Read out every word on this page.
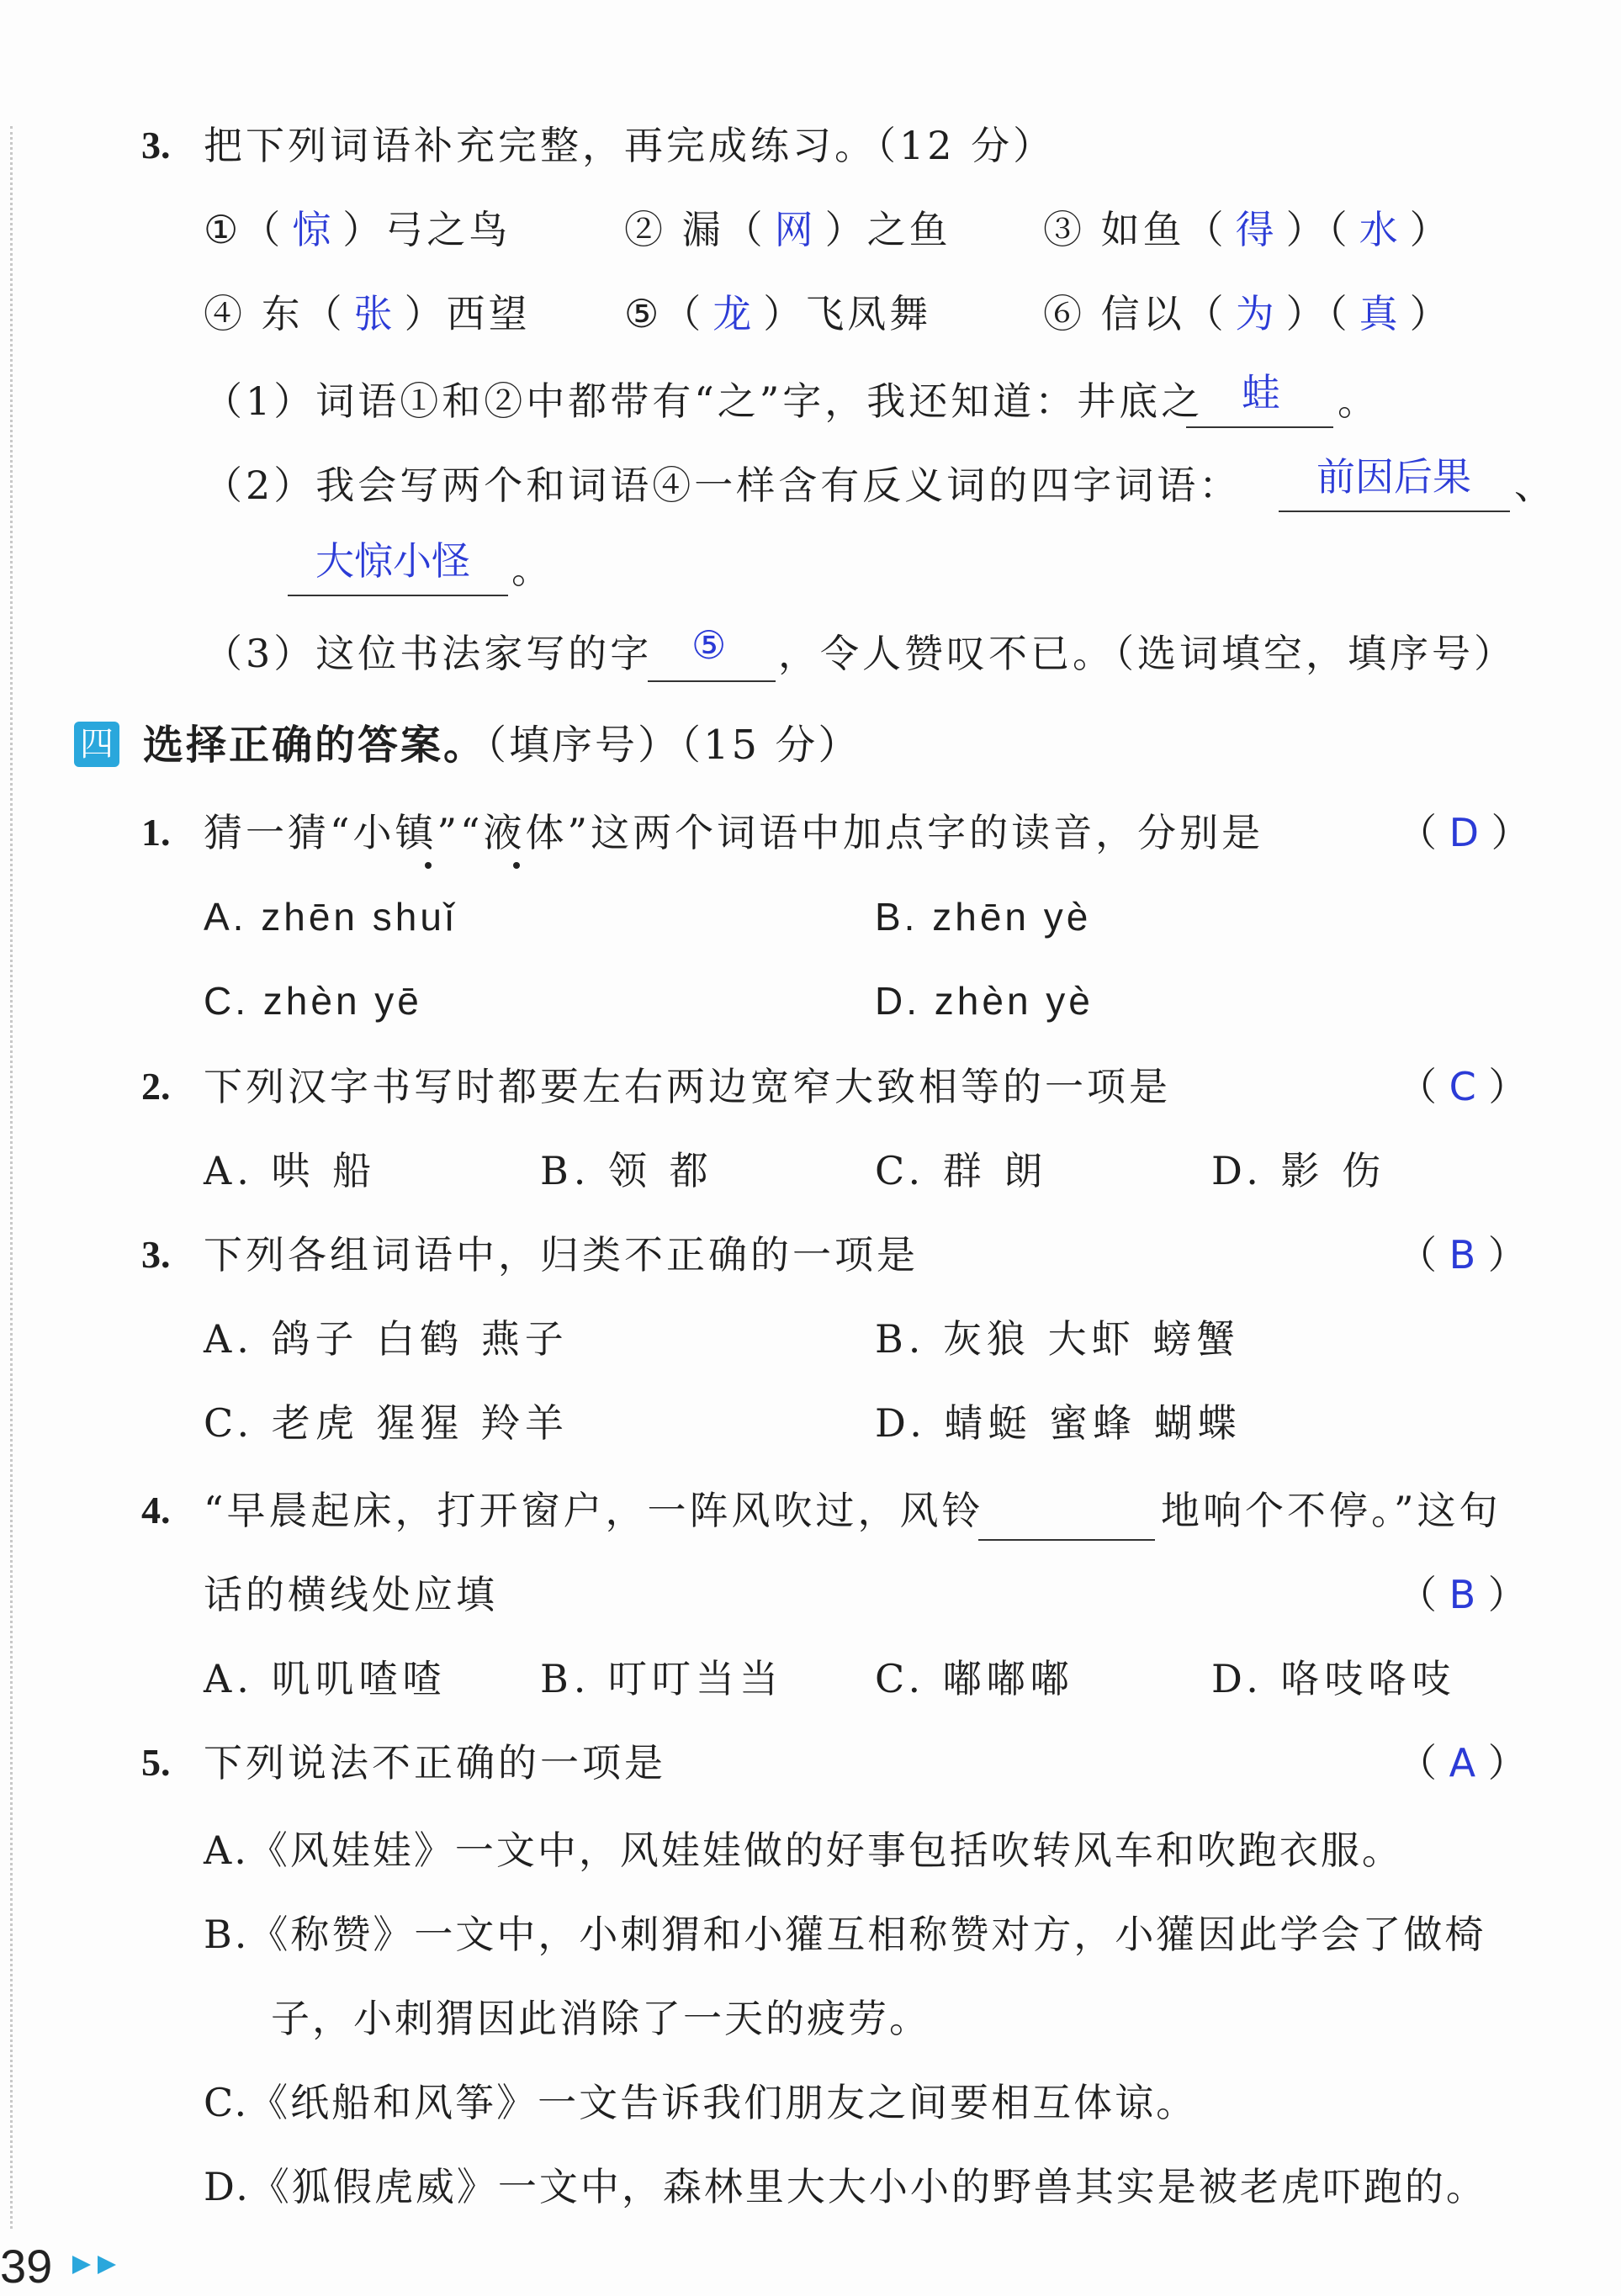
3. 把下列词语补充完整，再完成练习。（12 分）
①（ 惊 ）弓之鸟	② 漏（ 网 ）之鱼 ③ 如鱼（ 得 ）（ 水 ）
④ 东（ 张 ）西望 ⑤（ 龙 ）飞凤舞	⑥ 信以（ 为 ）（ 真 ）
（1）词语①和②中都带有“之”字，我还知道：井底之 蛙 。
（2）我会写两个和词语④一样含有反义词的四字词语： 前因后果 、
大惊小怪 。
（3）这位书法家写的字 ⑤ ，令人赞叹不已。（选词填空，填序号）
四 选择正确的答案。（填序号）（15 分）
1. 猜一猜“小镇”“液体”这两个词语中加点字的读音，分别是	（ D ）
A. zhēn shuǐ	B. zhēn yè
C. zhèn yē	D. zhèn yè
2. 下列汉字书写时都要左右两边宽窄大致相等的一项是	（ C ）
A. 哄 船	B. 领 都	C. 群 朗	D. 影 伤
3. 下列各组词语中，归类不正确的一项是	（ B ）
A. 鸽子 白鹤 燕子	B. 灰狼 大虾 螃蟹
C. 老虎 猩猩 羚羊	D. 蜻蜓 蜜蜂 蝴蝶
4. “早晨起床，打开窗户，一阵风吹过，风铃	地响个不停。”这句
话的横线处应填	（ B ）
A. 叽叽喳喳 B. 叮叮当当 C. 嘟嘟嘟	D. 咯吱咯吱
5. 下列说法不正确的一项是	（ A ）
A.《风娃娃》一文中，风娃娃做的好事包括吹转风车和吹跑衣服。
B.《称赞》一文中，小刺猬和小獾互相称赞对方，小獾因此学会了做椅
子，小刺猬因此消除了一天的疲劳。
C.《纸船和风筝》一文告诉我们朋友之间要相互体谅。
D.《狐假虎威》一文中，森林里大大小小的野兽其实是被老虎吓跑的。
39
